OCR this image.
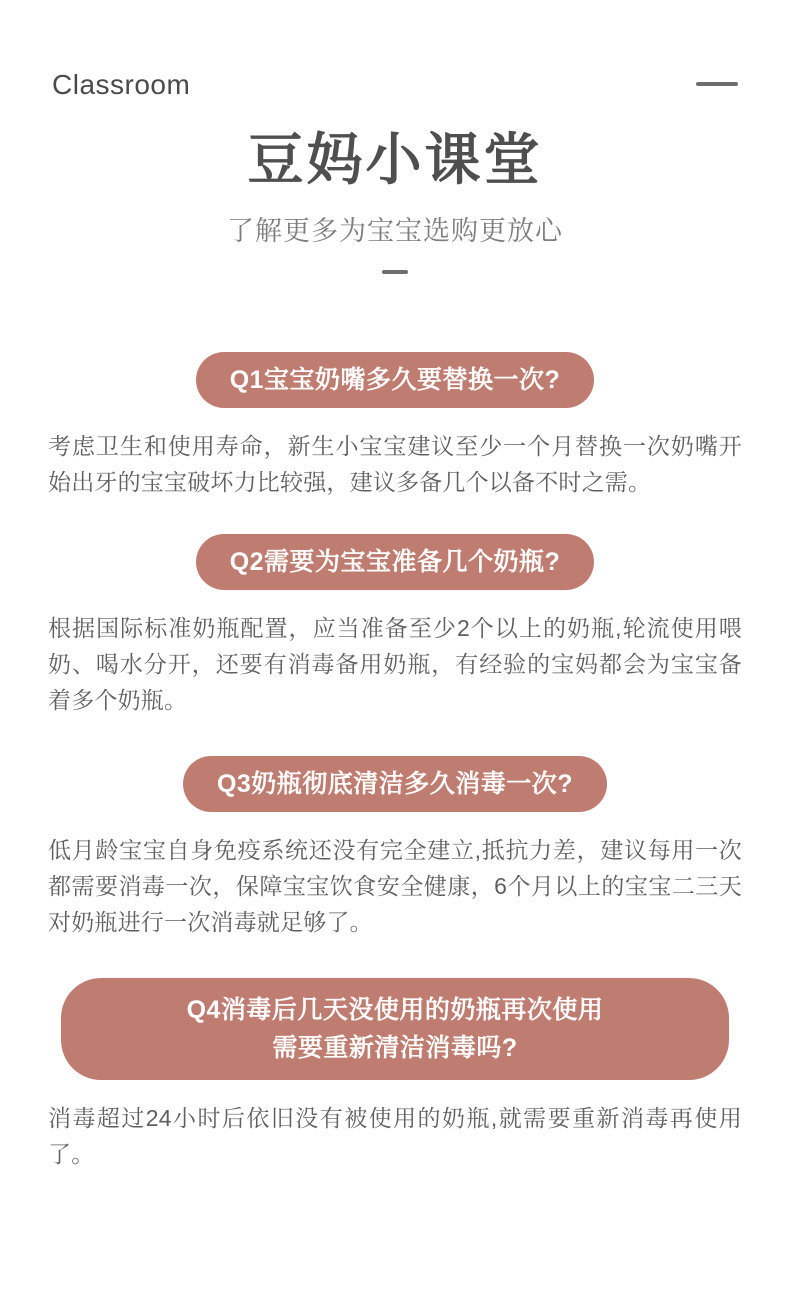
Classroom
豆妈小课堂
了解更多为宝宝选购更放心
Q1宝宝奶嘴多久要替换一次?
考虑卫生和使用寿命，新生小宝宝建议至少一个月替换一次奶嘴开始出牙的宝宝破坏力比较强，建议多备几个以备不时之需。
Q2需要为宝宝准备几个奶瓶?
根据国际标准奶瓶配置，应当准备至少2个以上的奶瓶,轮流使用喂奶、喝水分开，还要有消毒备用奶瓶，有经验的宝妈都会为宝宝备着多个奶瓶。
Q3奶瓶彻底清洁多久消毒一次?
低月龄宝宝自身免疫系统还没有完全建立,抵抗力差，建议每用一次都需要消毒一次，保障宝宝饮食安全健康，6个月以上的宝宝二三天对奶瓶进行一次消毒就足够了。
Q4消毒后几天没使用的奶瓶再次使用
需要重新清洁消毒吗?
消毒超过24小时后依旧没有被使用的奶瓶,就需要重新消毒再使用了。
